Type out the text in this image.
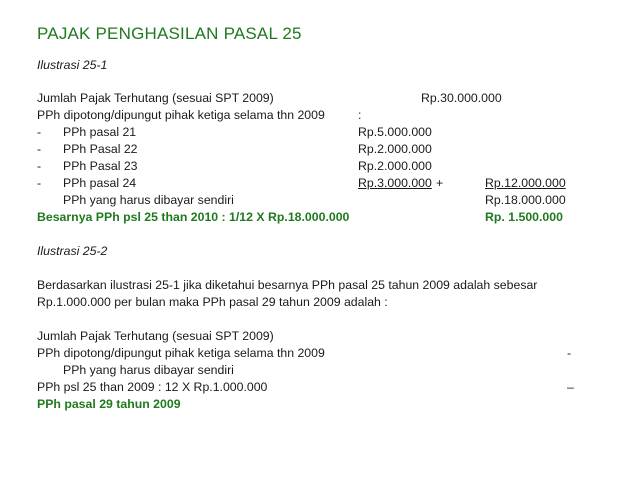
PAJAK PENGHASILAN PASAL 25
Ilustrasi 25-1
Jumlah Pajak Terhutang (sesuai SPT 2009)	Rp.30.000.000
PPh dipotong/dipungut pihak ketiga selama thn 2009	:
- PPh pasal 21	Rp.5.000.000
- PPh Pasal 22	Rp.2.000.000
- PPh Pasal 23	Rp.2.000.000
- PPh pasal 24	Rp.3.000.000 +	Rp.12.000.000
PPh yang harus dibayar sendiri	Rp.18.000.000
Besarnya PPh psl 25 than 2010 : 1/12 X Rp.18.000.000	Rp. 1.500.000
Ilustrasi 25-2
Berdasarkan ilustrasi 25-1 jika diketahui besarnya PPh pasal 25 tahun 2009 adalah sebesar
Rp.1.000.000 per bulan maka PPh pasal 29 tahun 2009 adalah :
Jumlah Pajak Terhutang (sesuai SPT 2009)
PPh dipotong/dipungut pihak ketiga selama thn 2009	-
PPh yang harus dibayar sendiri
PPh psl 25 than 2009 : 12 X Rp.1.000.000	–
PPh pasal 29 tahun 2009
